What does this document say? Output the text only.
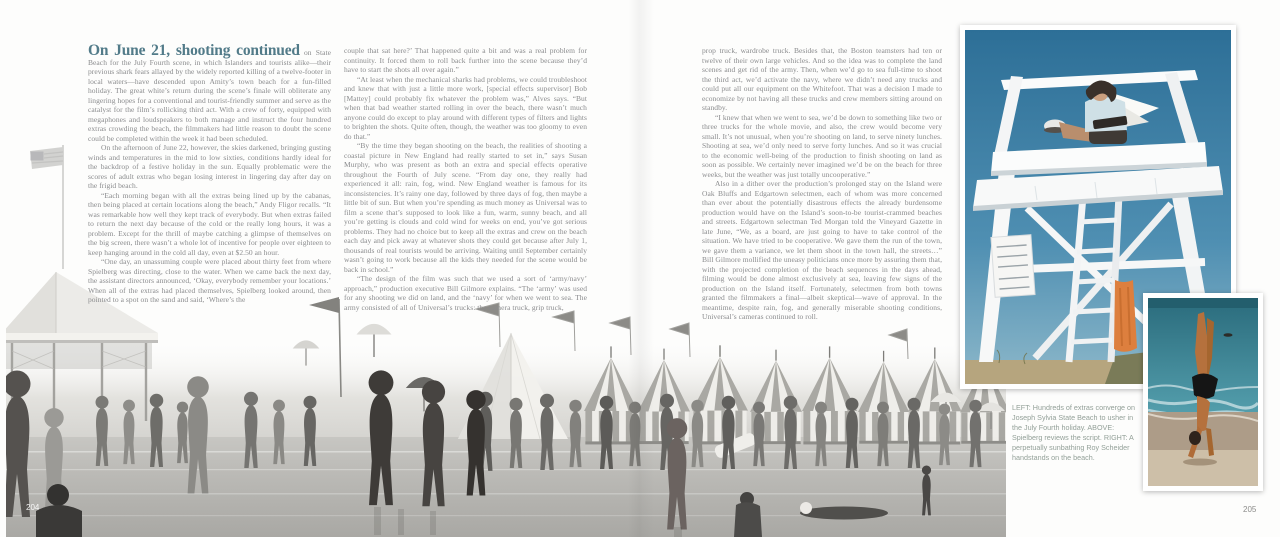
On June 21, shooting continued on State Beach for the July Fourth scene, in which Islanders and tourists alike—their previous shark fears allayed by the widely reported killing of a twelve-footer in local waters—have descended upon Amity’s town beach for a fun-filled holiday. The great white’s return during the scene’s finale will obliterate any lingering hopes for a conventional and tourist-friendly summer and serve as the catalyst for the film’s rollicking third act. With a crew of forty, equipped with megaphones and loudspeakers to both manage and instruct the four hundred extras crowding the beach, the filmmakers had little reason to doubt the scene could be completed within the week it had been scheduled.

On the afternoon of June 22, however, the skies darkened, bringing gusting winds and temperatures in the mid to low sixties, conditions hardly ideal for the backdrop of a festive holiday in the sun. Equally problematic were the scores of adult extras who began losing interest in lingering day after day on the frigid beach.

“Each morning began with all the extras being lined up by the cabanas, then being placed at certain locations along the beach,” Andy Fligor recalls. “It was remarkable how well they kept track of everybody. But when extras failed to return the next day because of the cold or the really long hours, it was a problem. Except for the thrill of maybe catching a glimpse of themselves on the big screen, there wasn’t a whole lot of incentive for people over eighteen to keep hanging around in the cold all day, even at $2.50 an hour.

“One day, an unassuming couple were placed about thirty feet from where Spielberg was directing, close to the water. When we came back the next day, the assistant directors announced, ‘Okay, everybody remember your locations.’ When all of the extras had placed themselves, Spielberg looked around, then pointed to a spot on the sand and said, ‘Where’s the

couple that sat here?’ That happened quite a bit and was a real problem for continuity. It forced them to roll back further into the scene because they’d have to start the shots all over again.”

“At least when the mechanical sharks had problems, we could troubleshoot and knew that with just a little more work, [special effects supervisor] Bob [Mattey] could probably fix whatever the problem was,” Alves says. “But when that bad weather started rolling in over the beach, there wasn’t much anyone could do except to play around with different types of filters and lights to brighten the shots. Quite often, though, the weather was too gloomy to even do that.”

“By the time they began shooting on the beach, the realities of shooting a coastal picture in New England had really started to set in,” says Susan Murphy, who was present as both an extra and special effects operative throughout the Fourth of July scene. “From day one, they really had experienced it all: rain, fog, wind. New England weather is famous for its inconsistencies. It’s rainy one day, followed by three days of fog, then maybe a little bit of sun. But when you’re spending as much money as Universal was to film a scene that’s supposed to look like a fun, warm, sunny beach, and all you’re getting is clouds and cold wind for weeks on end, you’ve got serious problems. They had no choice but to keep all the extras and crew on the beach each day and pick away at whatever shots they could get because after July 1, thousands of real tourists would be arriving. Waiting until September certainly wasn’t going to work because all the kids they needed for the scene would be back in school.”

“The design of the film was such that we used a sort of ‘army/navy’ approach,” production executive Bill Gilmore explains. “The ‘army’ was used for any shooting we did on land, and the ‘navy’ for when we went to sea. The army consisted of all of Universal’s trucks: the camera truck, grip truck,

prop truck, wardrobe truck. Besides that, the Boston teamsters had ten or twelve of their own large vehicles. And so the idea was to complete the land scenes and get rid of the army. Then, when we’d go to sea full-time to shoot the third act, we’d activate the navy, where we didn’t need any trucks and could put all our equipment on the Whitefoot. That was a decision I made to economize by not having all these trucks and crew members sitting around on standby.

“I knew that when we went to sea, we’d be down to something like two or three trucks for the whole movie, and also, the crew would become very small. It’s not unusual, when you’re shooting on land, to serve ninety lunches. Shooting at sea, we’d only need to serve forty lunches. And so it was crucial to the economic well-being of the production to finish shooting on land as soon as possible. We certainly never imagined we’d be on the beach for three weeks, but the weather was just totally uncooperative.”

Also in a dither over the production’s prolonged stay on the Island were Oak Bluffs and Edgartown selectmen, each of whom was more concerned than ever about the potentially disastrous effects the already burdensome production would have on the Island’s soon-to-be tourist-crammed beaches and streets. Edgartown selectman Ted Morgan told the Vineyard Gazette in late June, “We, as a board, are just going to have to take control of the situation. We have tried to be cooperative. We gave them the run of the town, we gave them a variance, we let them shoot in the town hall, the streets…” Bill Gilmore mollified the uneasy politicians once more by assuring them that, with the projected completion of the beach sequences in the days ahead, filming would be done almost exclusively at sea, leaving few signs of the production on the Island itself. Fortunately, selectmen from both towns granted the filmmakers a final—albeit skeptical—wave of approval. In the meantime, despite rain, fog, and generally miserable shooting conditions, Universal’s cameras continued to roll.

LEFT: Hundreds of extras converge on Joseph Sylvia State Beach to usher in the July Fourth holiday. ABOVE: Spielberg reviews the script. RIGHT: A perpetually sunbathing Roy Scheider handstands on the beach.
204	205
